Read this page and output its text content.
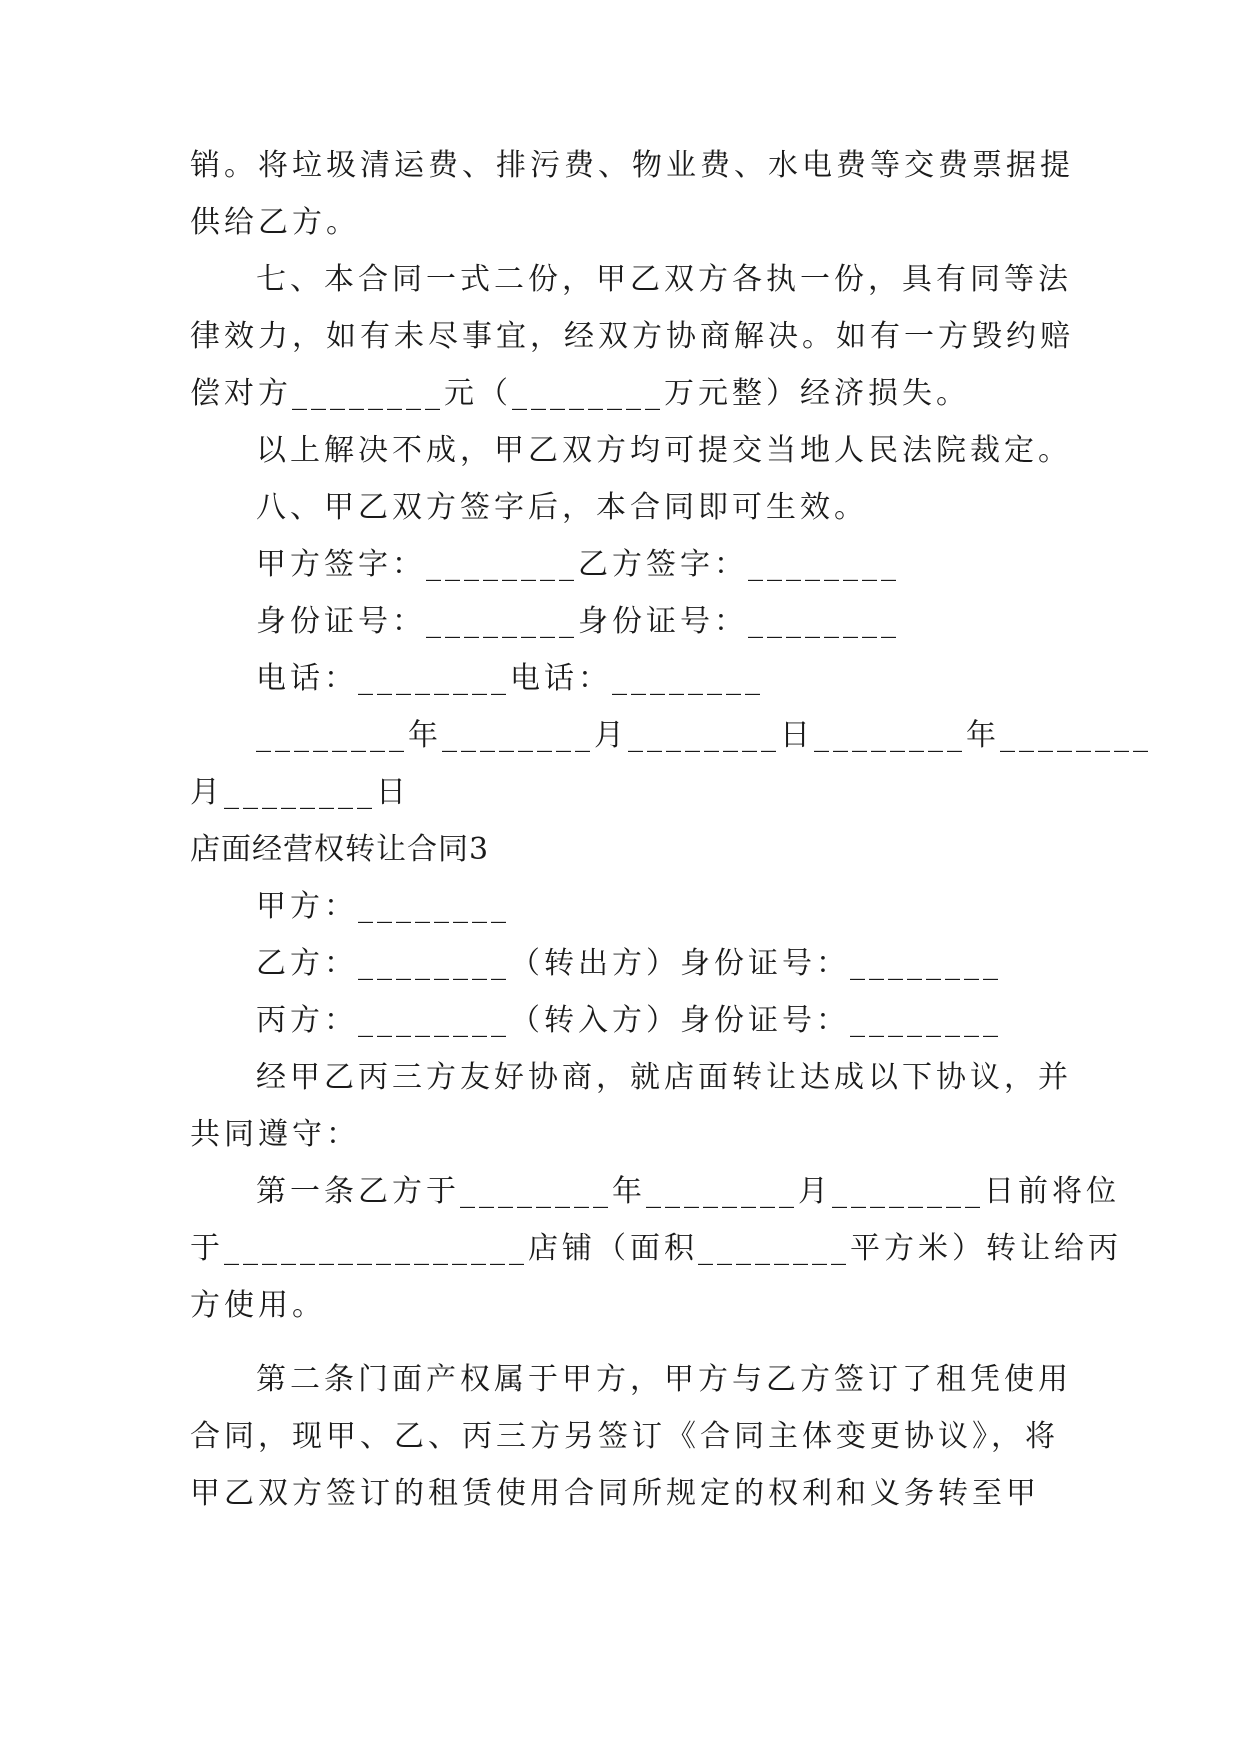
销。将垃圾清运费、排污费、物业费、水电费等交费票据提
供给乙方。
七、本合同一式二份，甲乙双方各执一份，具有同等法
律效力，如有未尽事宜，经双方协商解决。如有一方毁约赔
偿对方________元（________万元整）经济损失。
以上解决不成，甲乙双方均可提交当地人民法院裁定。
八、甲乙双方签字后，本合同即可生效。
甲方签字：________乙方签字：________
身份证号：________身份证号：________
电话：________电话：________
________年________月________日________年________
月________日
店面经营权转让合同3
甲方：________
乙方：________（转出方）身份证号：________
丙方：________（转入方）身份证号：________
经甲乙丙三方友好协商，就店面转让达成以下协议，并
共同遵守：
第一条乙方于________年________月________日前将位
于________________店铺（面积________平方米）转让给丙
方使用。
第二条门面产权属于甲方，甲方与乙方签订了租凭使用
合同，现甲、乙、丙三方另签订《合同主体变更协议》，将
甲乙双方签订的租赁使用合同所规定的权利和义务转至甲
